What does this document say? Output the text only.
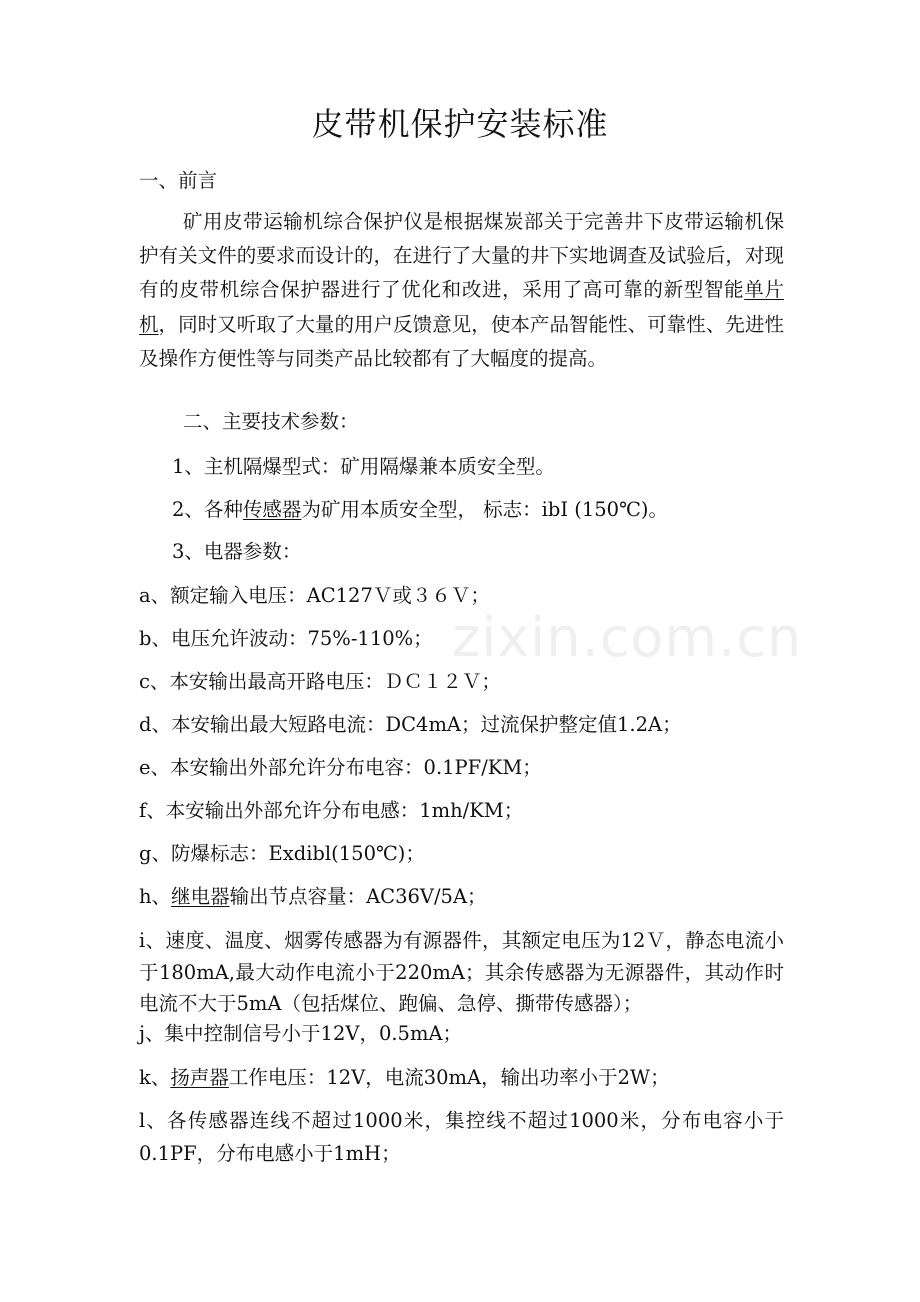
zixin.com.cn
皮带机保护安装标准
一、前言

矿用皮带运输机综合保护仪是根据煤炭部关于完善井下皮带运输机保护有关文件的要求而设计的，在进行了大量的井下实地调查及试验后，对现有的皮带机综合保护器进行了优化和改进，采用了高可靠的新型智能单片机，同时又听取了大量的用户反馈意见，使本产品智能性、可靠性、先进性及操作方便性等与同类产品比较都有了大幅度的提高。

二、主要技术参数：
1、主机隔爆型式：矿用隔爆兼本质安全型。
2、各种传感器为矿用本质安全型， 标志：ibI (150℃)。
3、电器参数：
a、额定输入电压：AC127Ｖ或３６Ｖ；
b、电压允许波动：75%-110%；
c、本安输出最高开路电压：ＤＣ１２Ｖ；
d、本安输出最大短路电流：DC4mA；过流保护整定值1.2A；
e、本安输出外部允许分布电容：0.1PF/KM；
f、本安输出外部允许分布电感：1mh/KM；
g、防爆标志：Exdibl(150℃)；
h、继电器输出节点容量：AC36V/5A；

i、速度、温度、烟雾传感器为有源器件，其额定电压为12Ｖ，静态电流小于180mA,最大动作电流小于220mA；其余传感器为无源器件，其动作时电流不大于5mA（包括煤位、跑偏、急停、撕带传感器）；

j、集中控制信号小于12V，0.5mA；
k、扬声器工作电压：12V，电流30mA，输出功率小于2W；

l、各传感器连线不超过1000米，集控线不超过1000米，分布电容小于0.1PF，分布电感小于1mH；
